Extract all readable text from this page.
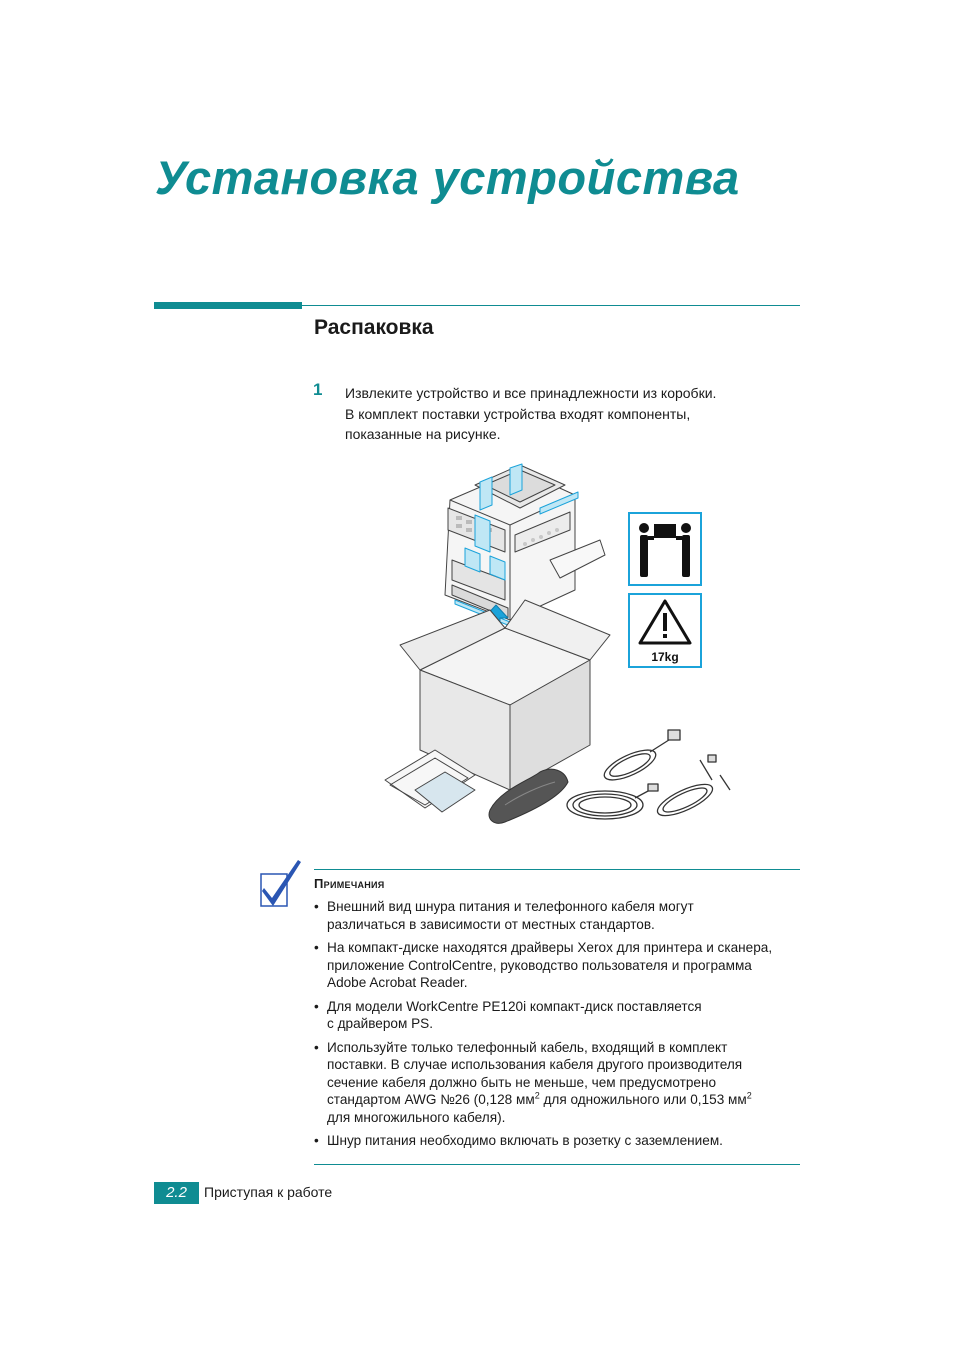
Установка устройства
Распаковка
1 Извлеките устройство и все принадлежности из коробки.
В комплект поставки устройства входят компоненты,
показанные на рисунке.
17kg
Примечания
• Внешний вид шнура питания и телефонного кабеля могут
различаться в зависимости от местных стандартов.
• На компакт-диске находятся драйверы Xerox для принтера и сканера,
приложение ControlCentre, руководство пользователя и программа
Adobe Acrobat Reader.
• Для модели WorkCentre PE120i компакт-диск поставляется
с драйвером PS.
• Используйте только телефонный кабель, входящий в комплект
поставки. В случае использования кабеля другого производителя
сечение кабеля должно быть не меньше, чем предусмотрено
стандартом AWG №26 (0,128 $мм^2$ для одножильного или 0,153 $мм^2$
для многожильного кабеля).
• Шнур питания необходимо включать в розетку с заземлением.
2.2	Приступая к работе
